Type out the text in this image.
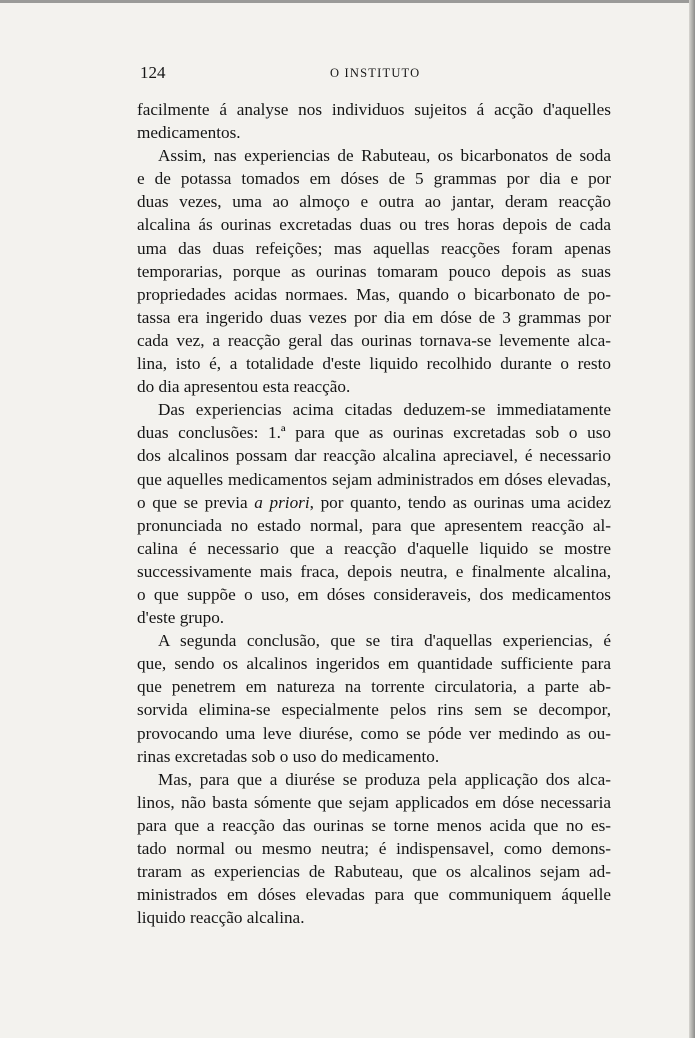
124	O INSTITUTO

facilmente á analyse nos individuos sujeitos á acção d'aquelles
medicamentos.

Assim, nas experiencias de Rabuteau, os bicarbonatos de soda
e de potassa tomados em dóses de 5 grammas por dia e por
duas vezes, uma ao almoço e outra ao jantar, deram reacção
alcalina ás ourinas excretadas duas ou tres horas depois de cada
uma das duas refeições; mas aquellas reacções foram apenas
temporarias, porque as ourinas tomaram pouco depois as suas
propriedades acidas normaes. Mas, quando o bicarbonato de po-
tassa era ingerido duas vezes por dia em dóse de 3 grammas por
cada vez, a reacção geral das ourinas tornava-se levemente alca-
lina, isto é, a totalidade d'este liquido recolhido durante o resto
do dia apresentou esta reacção.

Das experiencias acima citadas deduzem-se immediatamente
duas conclusões: 1.ª para que as ourinas excretadas sob o uso
dos alcalinos possam dar reacção alcalina apreciavel, é necessario
que aquelles medicamentos sejam administrados em dóses elevadas,
o que se previa a priori, por quanto, tendo as ourinas uma acidez
pronunciada no estado normal, para que apresentem reacção al-
calina é necessario que a reacção d'aquelle liquido se mostre
successivamente mais fraca, depois neutra, e finalmente alcalina,
o que suppõe o uso, em dóses consideraveis, dos medicamentos
d'este grupo.

A segunda conclusão, que se tira d'aquellas experiencias, é
que, sendo os alcalinos ingeridos em quantidade sufficiente para
que penetrem em natureza na torrente circulatoria, a parte ab-
sorvida elimina-se especialmente pelos rins sem se decompor,
provocando uma leve diurése, como se póde ver medindo as ou-
rinas excretadas sob o uso do medicamento.

Mas, para que a diurése se produza pela applicação dos alca-
linos, não basta sómente que sejam applicados em dóse necessaria
para que a reacção das ourinas se torne menos acida que no es-
tado normal ou mesmo neutra; é indispensavel, como demons-
traram as experiencias de Rabuteau, que os alcalinos sejam ad-
ministrados em dóses elevadas para que communiquem áquelle
liquido reacção alcalina.
